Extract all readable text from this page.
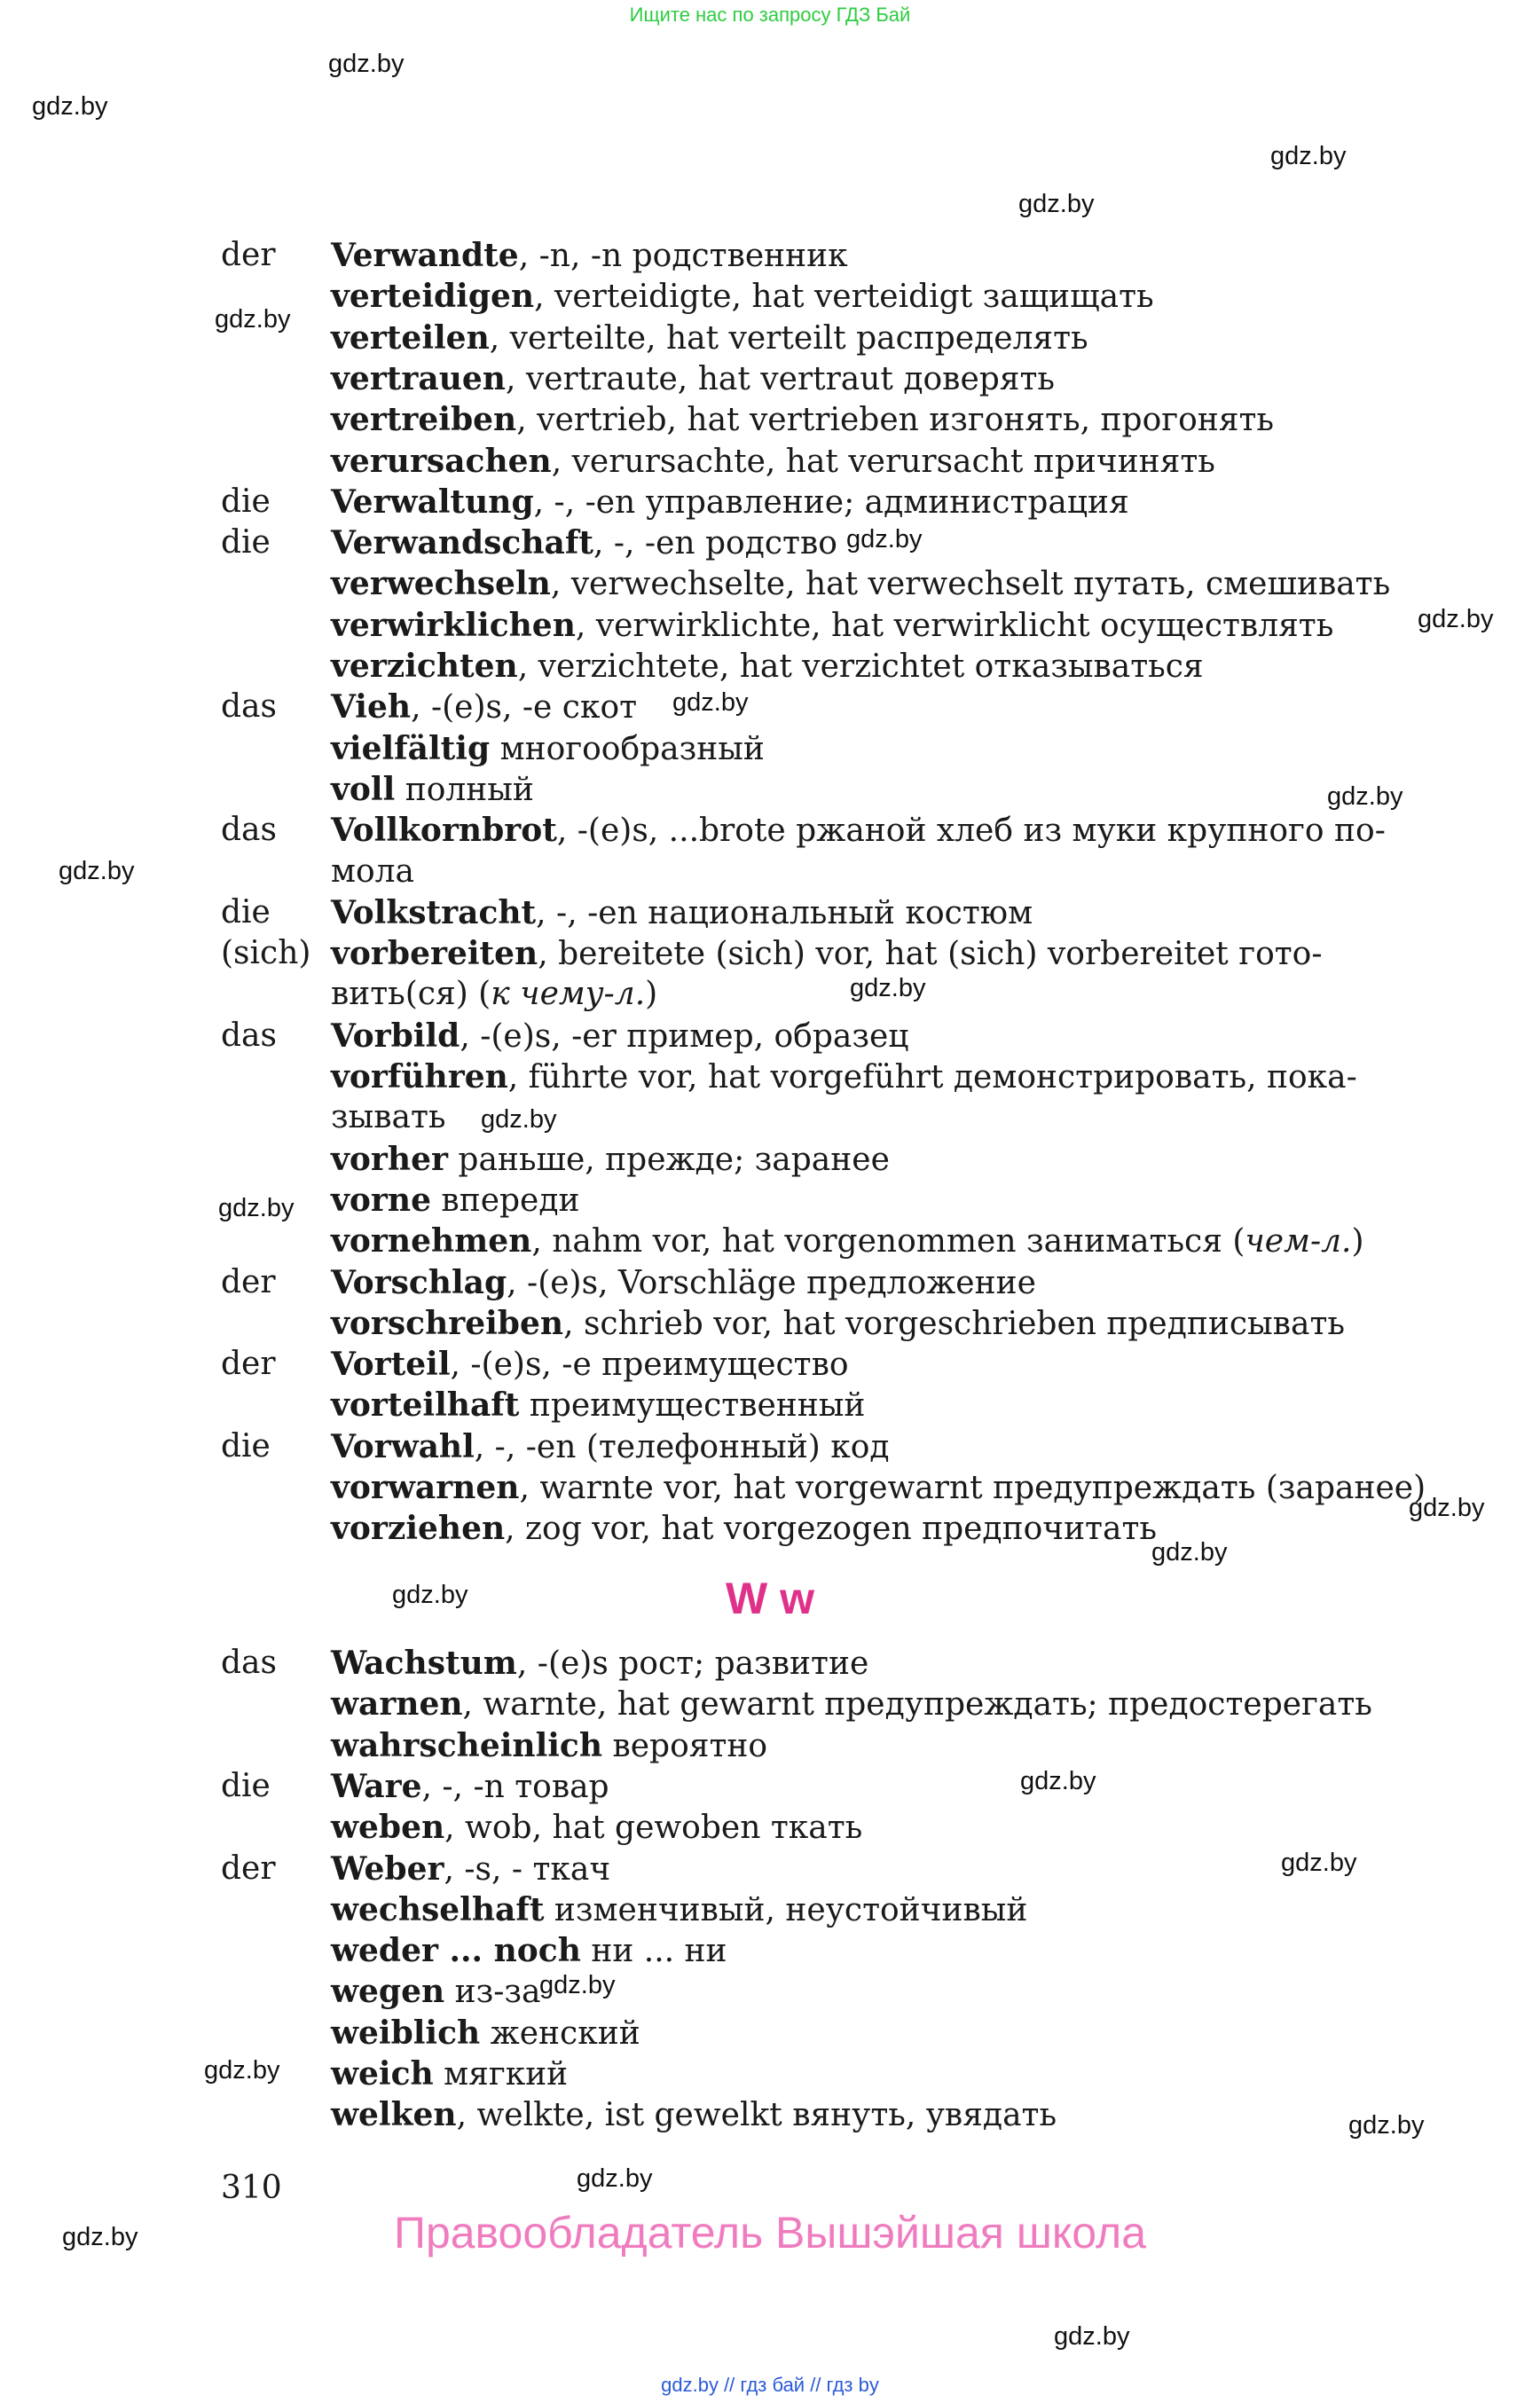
Ищите нас по запросу ГДЗ Бай
gdz.by
gdz.by
gdz.by
gdz.by
gdz.by
gdz.by
gdz.by
gdz.by
gdz.by
gdz.by
gdz.by
gdz.by
gdz.by
gdz.by
gdz.by
gdz.by
gdz.by
gdz.by
gdz.by
gdz.by
gdz.by
gdz.by
gdz.by
gdz.by
der Verwandte, -n, -n родственник
verteidigen, verteidigte, hat verteidigt защищать
verteilen, verteilte, hat verteilt распределять
vertrauen, vertraute, hat vertraut доверять
vertreiben, vertrieb, hat vertrieben изгонять, прогонять
verursachen, verursachte, hat verursacht причинять
die Verwaltung, -, -en управление; администрация
die Verwandschaft, -, -en родство
verwechseln, verwechselte, hat verwechselt путать, смешивать
verwirklichen, verwirklichte, hat verwirklicht осуществлять
verzichten, verzichtete, hat verzichtet отказываться
das Vieh, -(e)s, -e скот
vielfältig многообразный
voll полный
das Vollkornbrot, -(e)s, ...brote ржаной хлеб из муки крупного по-
мола
die Volkstracht, -, -en национальный костюм
(sich) vorbereiten, bereitete (sich) vor, hat (sich) vorbereitet гото-
вить(ся) (к чему-л.)
das Vorbild, -(e)s, -er пример, образец
vorführen, führte vor, hat vorgeführt демонстрировать, пока-
зывать
vorher раньше, прежде; заранее
vorne впереди
vornehmen, nahm vor, hat vorgenommen заниматься (чем-л.)
der Vorschlag, -(e)s, Vorschläge предложение
vorschreiben, schrieb vor, hat vorgeschrieben предписывать
der Vorteil, -(e)s, -e преимущество
vorteilhaft преимущественный
die Vorwahl, -, -en (телефонный) код
vorwarnen, warnte vor, hat vorgewarnt предупреждать (заранее)
vorziehen, zog vor, hat vorgezogen предпочитать
W w
das Wachstum, -(e)s рост; развитие
warnen, warnte, hat gewarnt предупреждать; предостерегать
wahrscheinlich вероятно
die Ware, -, -n товар
weben, wob, hat gewoben ткать
der Weber, -s, - ткач
wechselhaft изменчивый, неустойчивый
weder ... noch ни ... ни
wegen из-за
weiblich женский
weich мягкий
welken, welkte, ist gewelkt вянуть, увядать
310
Правообладатель Вышэйшая школа
gdz.by // гдз бай // гдз by
